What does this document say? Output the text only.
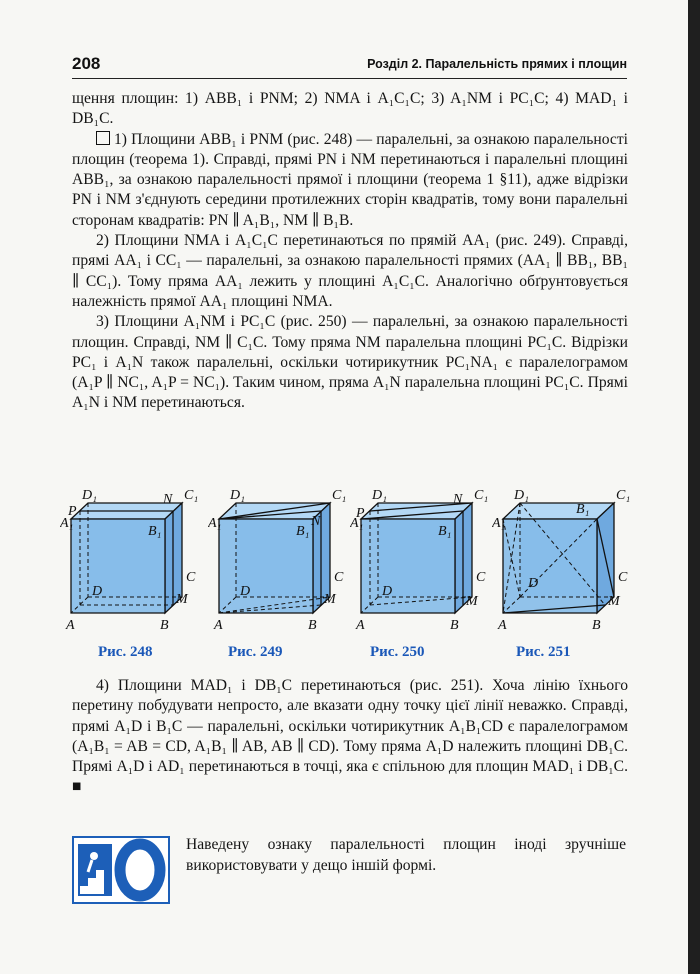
208	Розділ 2. Паралельність прямих і площин

щення площин: 1) ABB₁ і PNM; 2) NMA і A₁C₁C; 3) A₁NM і PC₁C; 4) MAD₁ і DB₁C.

1) Площини ABB₁ і PNM (рис. 248) — паралельні, за ознакою паралельності площин (теорема 1). Справді, прямі PN і NM перетинаються і паралельні площині ABB₁, за ознакою паралельності прямої і площини (теорема 1 §11), адже відрізки PN і NM з'єднують середини протилежних сторін квадратів, тому вони паралельні сторонам квадратів: PN ∥ A₁B₁, NM ∥ B₁B.

2) Площини NMA і A₁C₁C перетинаються по прямій AA₁ (рис. 249). Справді, прямі AA₁ і CC₁ — паралельні, за ознакою паралельності прямих (AA₁ ∥ BB₁, BB₁ ∥ CC₁). Тому пряма AA₁ лежить у площині A₁C₁C. Аналогічно обґрунтовується належність прямої AA₁ площині NMA.

3) Площини A₁NM і PC₁C (рис. 250) — паралельні, за ознакою паралельності площин. Справді, NM ∥ C₁C. Тому пряма NM паралельна площині PC₁C. Відрізки PC₁ і A₁N також паралельні, оскільки чотирикутник PC₁NA₁ є паралелограмом (A₁P ∥ NC₁, A₁P = NC₁). Таким чином, пряма A₁N паралельна площині PC₁C. Прямі A₁N і NM перетинаються.

D₁	C₁
A₁
B₁
P
N
D
C
M
A	B
D₁	C₁
A₁
B₁
N
D
C
M
A	B
D₁	C₁
A₁
B₁
P
N
D
C
M
A	B
D₁	C₁
A₁
B₁
D	C
M
A	B
Рис. 248	Рис. 249	Рис. 250	Рис. 251

4) Площини MAD₁ і DB₁C перетинаються (рис. 251). Хоча лінію їхнього перетину побудувати непросто, але вказати одну точку цієї лінії неважко. Справді, прямі A₁D і B₁C — паралельні, оскільки чотирикутник A₁B₁CD є паралелограмом (A₁B₁ = AB = CD, A₁B₁ ∥ AB, AB ∥ CD). Тому пряма A₁D належить площині DB₁C. Прямі A₁D і AD₁ перетинаються в точці, яка є спільною для площин MAD₁ і DB₁C. ■

Наведену ознаку паралельності площин іноді зручніше використовувати у дещо іншій формі.
